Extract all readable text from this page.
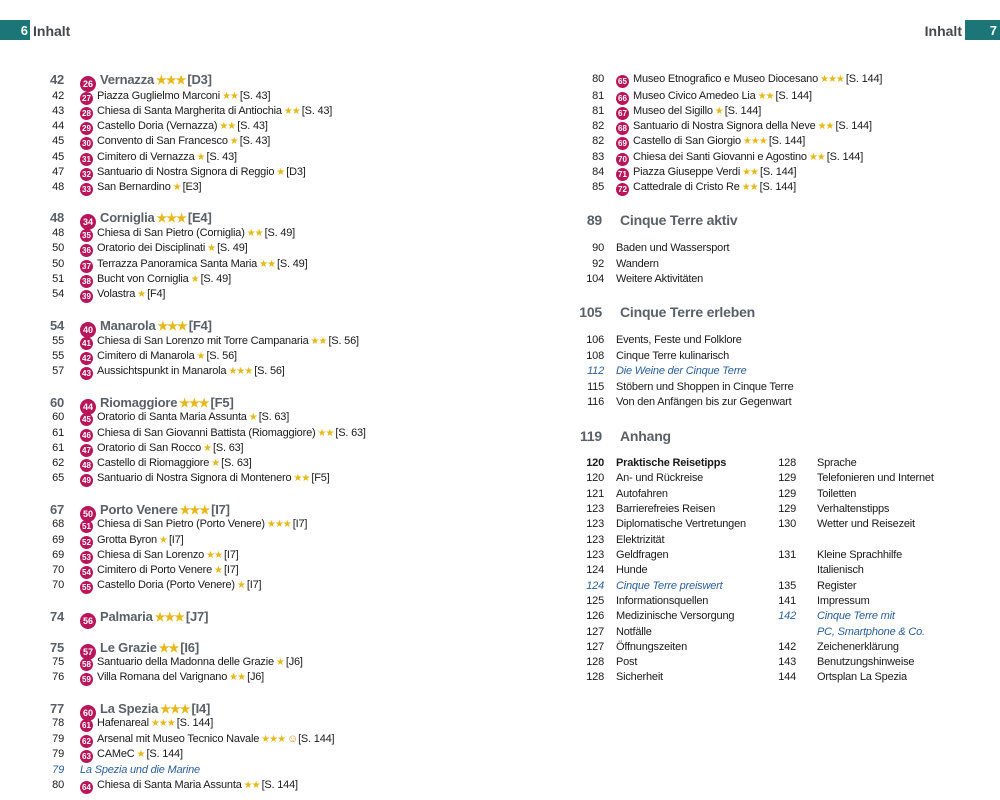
6 Inhalt	Inhalt 7
42 26 Vernazza ★★★ [D3]
42 27 Piazza Guglielmo Marconi ★★ [S. 43]
43 28 Chiesa di Santa Margherita di Antiochia ★★ [S. 43]
44 29 Castello Doria (Vernazza) ★★ [S. 43]
45 30 Convento di San Francesco ★ [S. 43]
45 31 Cimitero di Vernazza ★ [S. 43]
47 32 Santuario di Nostra Signora di Reggio ★ [D3]
48 33 San Bernardino ★ [E3]
48 34 Corniglia ★★★ [E4]
48 35 Chiesa di San Pietro (Corniglia) ★★ [S. 49]
50 36 Oratorio dei Disciplinati ★ [S. 49]
50 37 Terrazza Panoramica Santa Maria ★★ [S. 49]
51 38 Bucht von Corniglia ★ [S. 49]
54 39 Volastra ★ [F4]
54 40 Manarola ★★★ [F4]
55 41 Chiesa di San Lorenzo mit Torre Campanaria ★★ [S. 56]
55 42 Cimitero di Manarola ★ [S. 56]
57 43 Aussichtspunkt in Manarola ★★★ [S. 56]
60 44 Riomaggiore ★★★ [F5]
60 45 Oratorio di Santa Maria Assunta ★ [S. 63]
61 46 Chiesa di San Giovanni Battista (Riomaggiore) ★★ [S. 63]
61 47 Oratorio di San Rocco ★ [S. 63]
62 48 Castello di Riomaggiore ★ [S. 63]
65 49 Santuario di Nostra Signora di Montenero ★★ [F5]
67 50 Porto Venere ★★★ [I7]
68 51 Chiesa di San Pietro (Porto Venere) ★★★ [I7]
69 52 Grotta Byron ★ [I7]
69 53 Chiesa di San Lorenzo ★★ [I7]
70 54 Cimitero di Porto Venere ★ [I7]
70 55 Castello Doria (Porto Venere) ★ [I7]
74 56 Palmaria ★★★ [J7]
75 57 Le Grazie ★★ [I6]
75 58 Santuario della Madonna delle Grazie ★ [J6]
76 59 Villa Romana del Varignano ★★ [J6]
77 60 La Spezia ★★★ [I4]
78 61 Hafenareal ★★★ [S. 144]
79 62 Arsenal mit Museo Tecnico Navale ★★★ ☺[S. 144]
79 63 CAMeC ★ [S. 144]
79 La Spezia und die Marine
80 64 Chiesa di Santa Maria Assunta ★★ [S. 144]
80 65 Museo Etnografico e Museo Diocesano ★★★ [S. 144]
81 66 Museo Civico Amedeo Lia ★★ [S. 144]
81 67 Museo del Sigillo ★ [S. 144]
82 68 Santuario di Nostra Signora della Neve ★★ [S. 144]
82 69 Castello di San Giorgio ★★★ [S. 144]
83 70 Chiesa dei Santi Giovanni e Agostino ★★ [S. 144]
84 71 Piazza Giuseppe Verdi ★★ [S. 144]
85 72 Cattedrale di Cristo Re ★★ [S. 144]
89 Cinque Terre aktiv
90 Baden und Wassersport
92 Wandern
104 Weitere Aktivitäten
105 Cinque Terre erleben
106 Events, Feste und Folklore
108 Cinque Terre kulinarisch
112 Die Weine der Cinque Terre
115 Stöbern und Shoppen in Cinque Terre
116 Von den Anfängen bis zur Gegenwart
119 Anhang
120 Praktische Reisetipps
120 An- und Rückreise
121 Autofahren
123 Barrierefreies Reisen
123 Diplomatische Vertretungen
123 Elektrizität
123 Geldfragen
124 Hunde
124 Cinque Terre preiswert
125 Informationsquellen
126 Medizinische Versorgung
127 Notfälle
127 Öffnungszeiten
128 Post
128 Sicherheit
128 Sprache
129 Telefonieren und Internet
129 Toiletten
129 Verhaltenstipps
130 Wetter und Reisezeit
131 Kleine Sprachhilfe
Italienisch
135 Register
141 Impressum
142 Cinque Terre mit
PC, Smartphone & Co.
142 Zeichenerklärung
143 Benutzungshinweise
144 Ortsplan La Spezia
